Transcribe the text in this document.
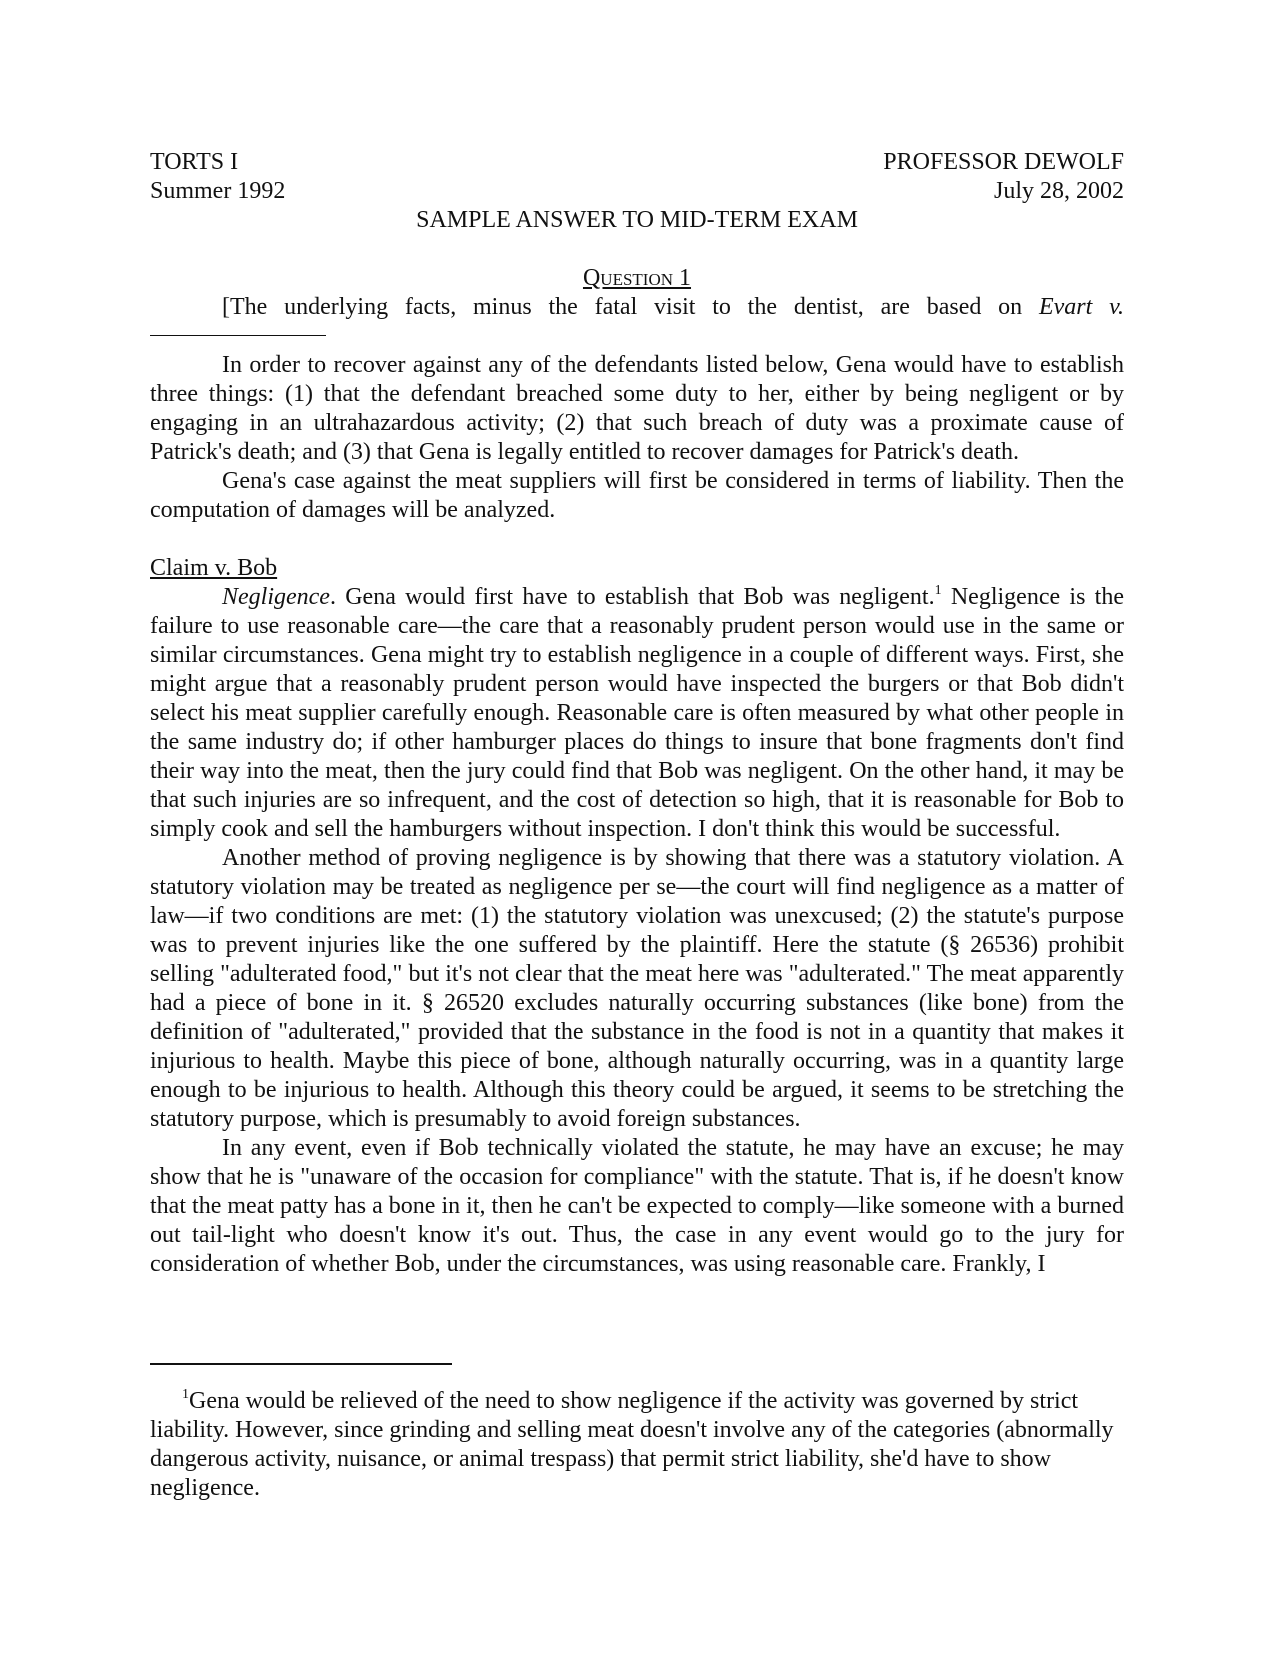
TORTS I	PROFESSOR DEWOLF
Summer 1992	July 28, 2002
SAMPLE ANSWER TO MID-TERM EXAM
Question 1

[The underlying facts, minus the fatal visit to the dentist, are based on Evart v.

In order to recover against any of the defendants listed below, Gena would have to establish three things: (1) that the defendant breached some duty to her, either by being negligent or by engaging in an ultrahazardous activity; (2) that such breach of duty was a proximate cause of Patrick's death; and (3) that Gena is legally entitled to recover damages for Patrick's death.

Gena's case against the meat suppliers will first be considered in terms of liability. Then the computation of damages will be analyzed.

Claim v. Bob

Negligence. Gena would first have to establish that Bob was negligent.$^1$ Negligence is the failure to use reasonable care—the care that a reasonably prudent person would use in the same or similar circumstances. Gena might try to establish negligence in a couple of different ways. First, she might argue that a reasonably prudent person would have inspected the burgers or that Bob didn't select his meat supplier carefully enough. Reasonable care is often measured by what other people in the same industry do; if other hamburger places do things to insure that bone fragments don't find their way into the meat, then the jury could find that Bob was negligent. On the other hand, it may be that such injuries are so infrequent, and the cost of detection so high, that it is reasonable for Bob to simply cook and sell the hamburgers without inspection. I don't think this would be successful.

Another method of proving negligence is by showing that there was a statutory violation. A statutory violation may be treated as negligence per se—the court will find negligence as a matter of law—if two conditions are met: (1) the statutory violation was unexcused; (2) the statute's purpose was to prevent injuries like the one suffered by the plaintiff. Here the statute (§ 26536) prohibit selling "adulterated food," but it's not clear that the meat here was "adulterated." The meat apparently had a piece of bone in it. § 26520 excludes naturally occurring substances (like bone) from the definition of "adulterated," provided that the substance in the food is not in a quantity that makes it injurious to health. Maybe this piece of bone, although naturally occurring, was in a quantity large enough to be injurious to health. Although this theory could be argued, it seems to be stretching the statutory purpose, which is presumably to avoid foreign substances.

In any event, even if Bob technically violated the statute, he may have an excuse; he may show that he is "unaware of the occasion for compliance" with the statute. That is, if he doesn't know that the meat patty has a bone in it, then he can't be expected to comply—like someone with a burned out tail-light who doesn't know it's out. Thus, the case in any event would go to the jury for consideration of whether Bob, under the circumstances, was using reasonable care. Frankly, I

$^1$Gena would be relieved of the need to show negligence if the activity was governed by strict liability. However, since grinding and selling meat doesn't involve any of the categories (abnormally dangerous activity, nuisance, or animal trespass) that permit strict liability, she'd have to show negligence.
